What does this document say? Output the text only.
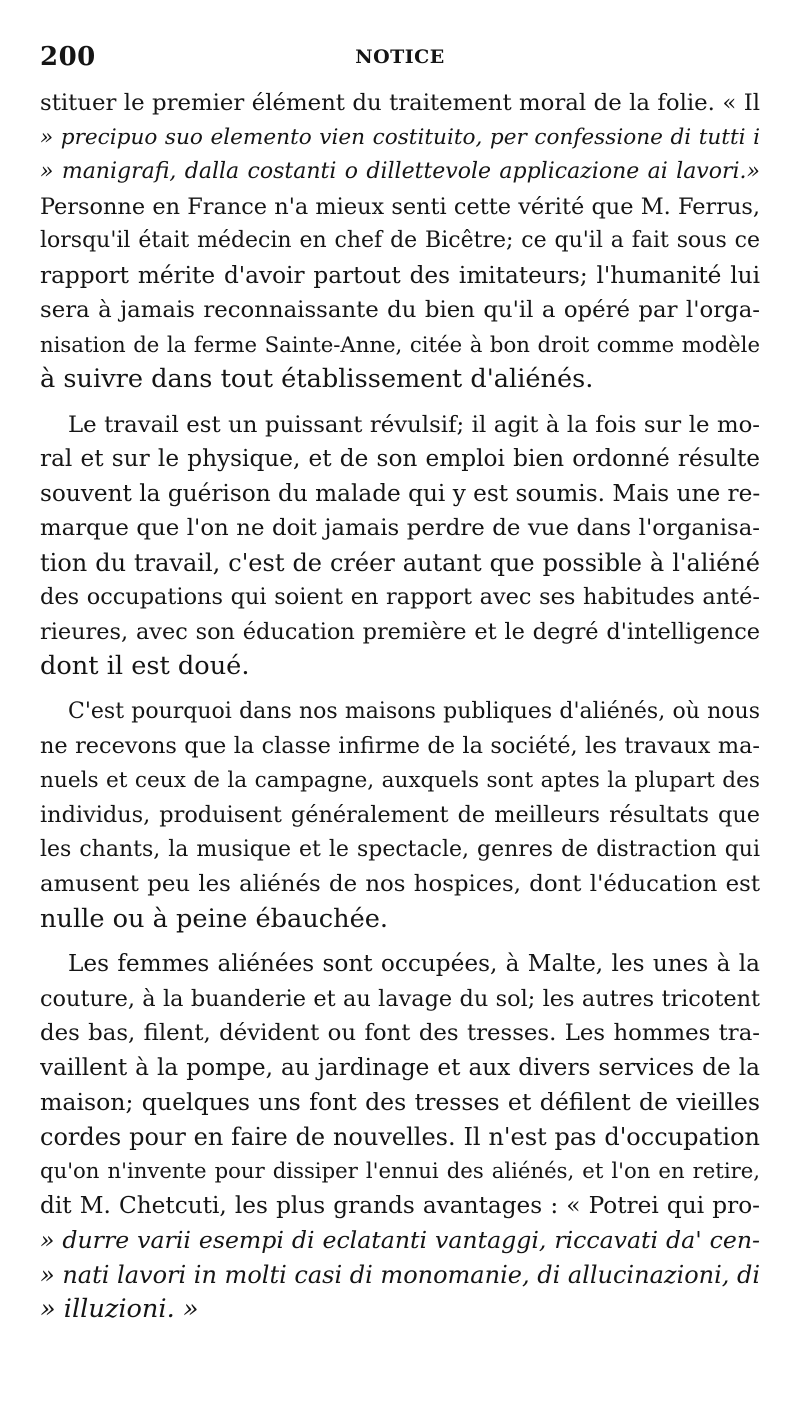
200	NOTICE
stituer le premier élément du traitement moral de la folie. « Il
» precipuo suo elemento vien costituito, per confessione di tutti i
» manigrafi, dalla costanti o dillettevole applicazione ai lavori.»
Personne en France n'a mieux senti cette vérité que M. Ferrus,
lorsqu'il était médecin en chef de Bicêtre; ce qu'il a fait sous ce
rapport mérite d'avoir partout des imitateurs; l'humanité lui
sera à jamais reconnaissante du bien qu'il a opéré par l'orga-
nisation de la ferme Sainte-Anne, citée à bon droit comme modèle
à suivre dans tout établissement d'aliénés.
Le travail est un puissant révulsif; il agit à la fois sur le mo-
ral et sur le physique, et de son emploi bien ordonné résulte
souvent la guérison du malade qui y est soumis. Mais une re-
marque que l'on ne doit jamais perdre de vue dans l'organisa-
tion du travail, c'est de créer autant que possible à l'aliéné
des occupations qui soient en rapport avec ses habitudes anté-
rieures, avec son éducation première et le degré d'intelligence
dont il est doué.
C'est pourquoi dans nos maisons publiques d'aliénés, où nous
ne recevons que la classe infirme de la société, les travaux ma-
nuels et ceux de la campagne, auxquels sont aptes la plupart des
individus, produisent généralement de meilleurs résultats que
les chants, la musique et le spectacle, genres de distraction qui
amusent peu les aliénés de nos hospices, dont l'éducation est
nulle ou à peine ébauchée.
Les femmes aliénées sont occupées, à Malte, les unes à la
couture, à la buanderie et au lavage du sol; les autres tricotent
des bas, filent, dévident ou font des tresses. Les hommes tra-
vaillent à la pompe, au jardinage et aux divers services de la
maison; quelques uns font des tresses et défilent de vieilles
cordes pour en faire de nouvelles. Il n'est pas d'occupation
qu'on n'invente pour dissiper l'ennui des aliénés, et l'on en retire,
dit M. Chetcuti, les plus grands avantages : « Potrei qui pro-
» durre varii esempi di eclatanti vantaggi, riccavati da' cen-
» nati lavori in molti casi di monomanie, di allucinazioni, di
» illuzioni. »
